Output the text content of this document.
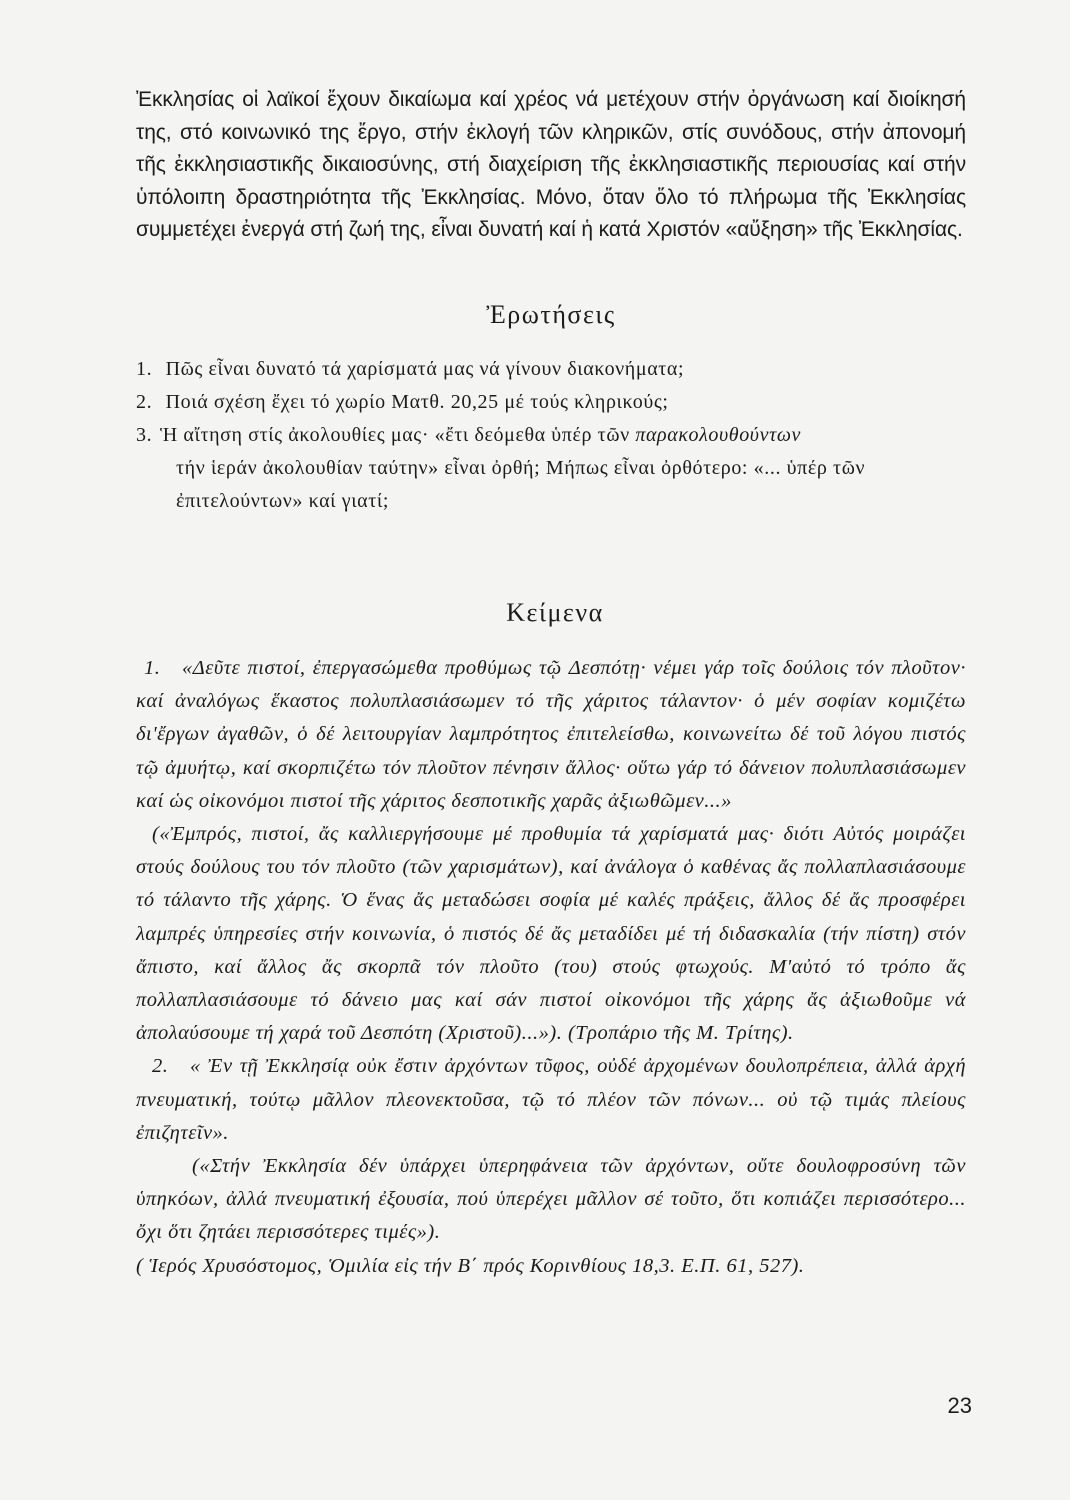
Ἐκκλησίας οἱ λαϊκοί ἔχουν δικαίωμα καί χρέος νά μετέχουν στήν ὀργάνωση καί διοίκησή της, στό κοινωνικό της ἔργο, στήν ἐκλογή τῶν κληρικῶν, στίς συνόδους, στήν ἀπονομή τῆς ἐκκλησιαστικῆς δικαιοσύνης, στή διαχείριση τῆς ἐκκλησιαστικῆς περιουσίας καί στήν ὑπόλοιπη δραστηριότητα τῆς Ἐκκλησίας. Μόνο, ὅταν ὅλο τό πλήρωμα τῆς Ἐκκλησίας συμμετέχει ἐνεργά στή ζωή της, εἶναι δυνατή καί ἡ κατά Χριστόν «αὔξηση» τῆς Ἐκκλησίας.

Ἐρωτήσεις
1. Πῶς εἶναι δυνατό τά χαρίσματά μας νά γίνουν διακονήματα;
2. Ποιά σχέση ἔχει τό χωρίο Ματθ. 20,25 μέ τούς κληρικούς;
3. Ἡ αἴτηση στίς ἀκολουθίες μας· «ἔτι δεόμεθα ὑπέρ τῶν παρακολουθούντων
τήν ἱεράν ἀκολουθίαν ταύτην» εἶναι ὀρθή; Μήπως εἶναι ὀρθότερο: «... ὑπέρ τῶν ἐπιτελούντων» καί γιατί;
Κείμενα

1. «Δεῦτε πιστοί, ἐπεργασώμεθα προθύμως τῷ Δεσπότῃ· νέμει γάρ τοῖς δούλοις τόν πλοῦτον· καί ἀναλόγως ἕκαστος πολυπλασιάσωμεν τό τῆς χάριτος τάλαντον· ὁ μέν σοφίαν κομιζέτω δι'ἔργων ἀγαθῶν, ὁ δέ λειτουργίαν λαμπρότητος ἐπιτελείσθω, κοινωνείτω δέ τοῦ λόγου πιστός τῷ ἀμυήτῳ, καί σκορπιζέτω τόν πλοῦτον πένησιν ἄλλος· οὕτω γάρ τό δάνειον πολυπλασιάσωμεν καί ὡς οἰκονόμοι πιστοί τῆς χάριτος δεσποτικῆς χαρᾶς ἀξιωθῶμεν...»

(«Ἐμπρός, πιστοί, ἄς καλλιεργήσουμε μέ προθυμία τά χαρίσματά μας· διότι Αὐτός μοιράζει στούς δούλους του τόν πλοῦτο (τῶν χαρισμάτων), καί ἀνάλογα ὁ καθένας ἄς πολλαπλασιάσουμε τό τάλαντο τῆς χάρης. Ὁ ἕνας ἄς μεταδώσει σοφία μέ καλές πράξεις, ἄλλος δέ ἄς προσφέρει λαμπρές ὑπηρεσίες στήν κοινωνία, ὁ πιστός δέ ἄς μεταδίδει μέ τή διδασκαλία (τήν πίστη) στόν ἄπιστο, καί ἄλλος ἄς σκορπᾶ τόν πλοῦτο (του) στούς φτωχούς. Μ'αὐτό τό τρόπο ἄς πολλαπλασιάσουμε τό δάνειο μας καί σάν πιστοί οἰκονόμοι τῆς χάρης ἄς ἀξιωθοῦμε νά ἀπολαύσουμε τή χαρά τοῦ Δεσπότη (Χριστοῦ)...»). (Τροπάριο τῆς Μ. Τρίτης).

2. « Ἐν τῇ Ἐκκλησίᾳ οὐκ ἔστιν ἀρχόντων τῦφος, οὐδέ ἀρχομένων δουλοπρέπεια, ἀλλά ἀρχή πνευματική, τούτῳ μᾶλλον πλεονεκτοῦσα, τῷ τό πλέον τῶν πόνων... οὐ τῷ τιμάς πλείους ἐπιζητεῖν».

(«Στήν Ἐκκλησία δέν ὑπάρχει ὑπερηφάνεια τῶν ἀρχόντων, οὔτε δουλοφροσύνη τῶν ὑπηκόων, ἀλλά πνευματική ἐξουσία, πού ὑπερέχει μᾶλλον σέ τοῦτο, ὅτι κοπιάζει περισσότερο... ὄχι ὅτι ζητάει περισσότερες τιμές»).

( Ἱερός Χρυσόστομος, Ὁμιλία εἰς τήν Β΄ πρός Κορινθίους 18,3. Ε.Π. 61, 527).

23
